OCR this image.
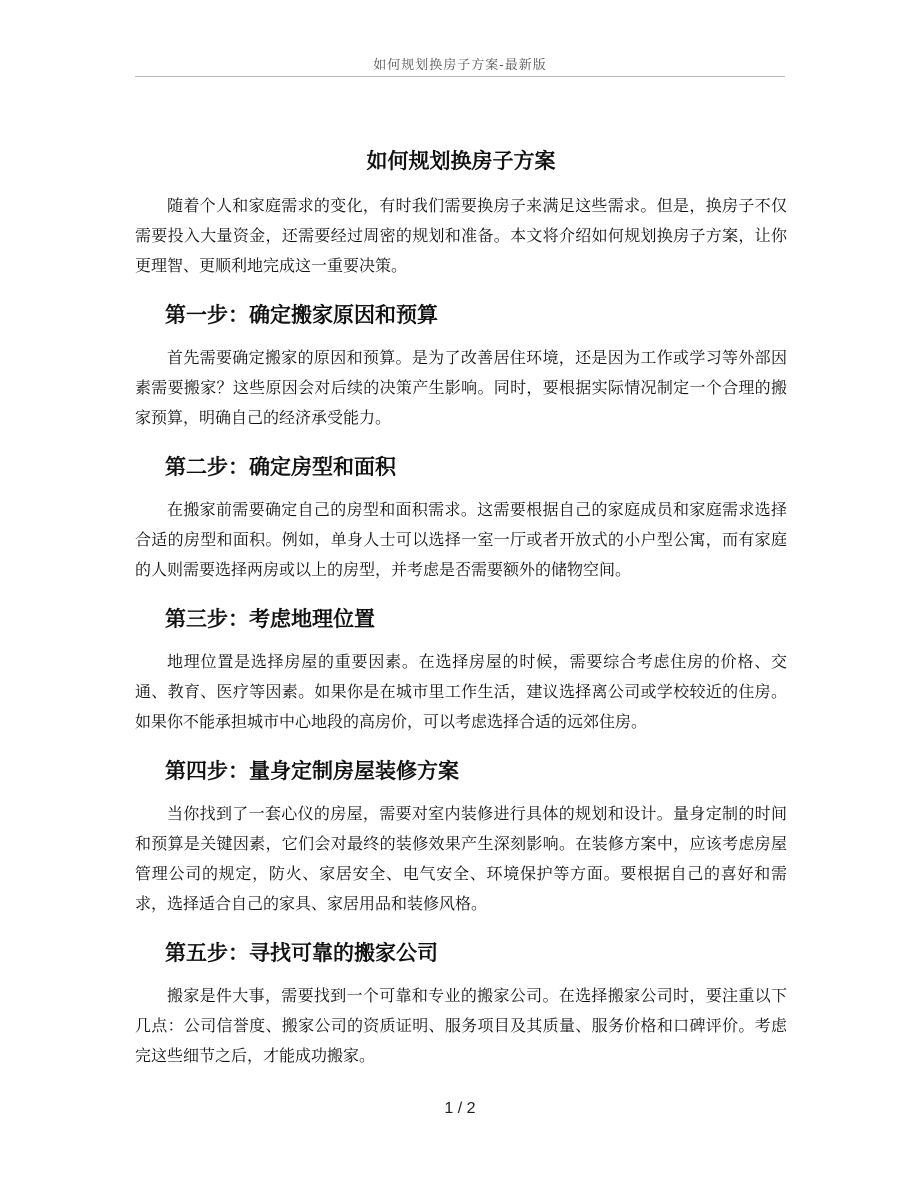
如何规划换房子方案-最新版
如何规划换房子方案

随着个人和家庭需求的变化，有时我们需要换房子来满足这些需求。但是，换房子不仅需要投入大量资金，还需要经过周密的规划和准备。本文将介绍如何规划换房子方案，让你更理智、更顺利地完成这一重要决策。

第一步：确定搬家原因和预算

首先需要确定搬家的原因和预算。是为了改善居住环境，还是因为工作或学习等外部因素需要搬家？这些原因会对后续的决策产生影响。同时，要根据实际情况制定一个合理的搬家预算，明确自己的经济承受能力。

第二步：确定房型和面积

在搬家前需要确定自己的房型和面积需求。这需要根据自己的家庭成员和家庭需求选择合适的房型和面积。例如，单身人士可以选择一室一厅或者开放式的小户型公寓，而有家庭的人则需要选择两房或以上的房型，并考虑是否需要额外的储物空间。

第三步：考虑地理位置

地理位置是选择房屋的重要因素。在选择房屋的时候，需要综合考虑住房的价格、交通、教育、医疗等因素。如果你是在城市里工作生活，建议选择离公司或学校较近的住房。如果你不能承担城市中心地段的高房价，可以考虑选择合适的远郊住房。

第四步：量身定制房屋装修方案

当你找到了一套心仪的房屋，需要对室内装修进行具体的规划和设计。量身定制的时间和预算是关键因素，它们会对最终的装修效果产生深刻影响。在装修方案中，应该考虑房屋管理公司的规定，防火、家居安全、电气安全、环境保护等方面。要根据自己的喜好和需求，选择适合自己的家具、家居用品和装修风格。

第五步：寻找可靠的搬家公司

搬家是件大事，需要找到一个可靠和专业的搬家公司。在选择搬家公司时，要注重以下几点：公司信誉度、搬家公司的资质证明、服务项目及其质量、服务价格和口碑评价。考虑完这些细节之后，才能成功搬家。

1 / 2
